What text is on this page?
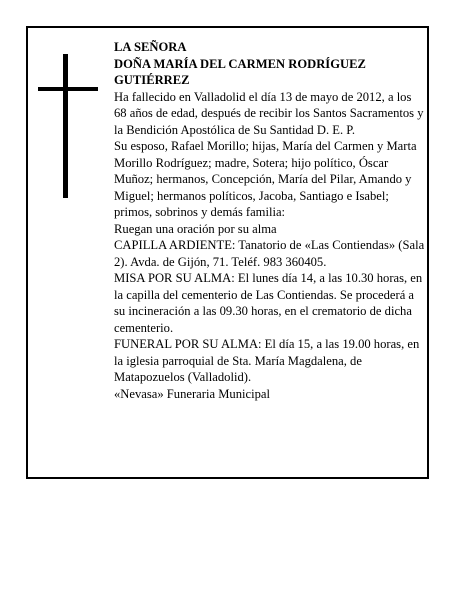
LA SEÑORA

DOÑA MARÍA DEL CARMEN RODRÍGUEZ GUTIÉRREZ

Ha fallecido en Valladolid el día 13 de mayo de 2012, a los 68 años de edad, después de recibir los Santos Sacramentos y la Bendición Apostólica de Su Santidad D. E. P.

Su esposo, Rafael Morillo; hijas, María del Carmen y Marta Morillo Rodríguez; madre, Sotera; hijo político, Óscar Muñoz; hermanos, Concepción, María del Pilar, Amando y Miguel; hermanos políticos, Jacoba, Santiago e Isabel; primos, sobrinos y demás familia:

Ruegan una oración por su alma

CAPILLA ARDIENTE: Tanatorio de «Las Contiendas» (Sala 2). Avda. de Gijón, 71. Teléf. 983 360405.

MISA POR SU ALMA: El lunes día 14, a las 10.30 horas, en la capilla del cementerio de Las Contiendas. Se procederá a su incineración a las 09.30 horas, en el crematorio de dicha cementerio.

FUNERAL POR SU ALMA: El día 15, a las 19.00 horas, en la iglesia parroquial de Sta. María Magdalena, de Matapozuelos (Valladolid).

«Nevasa» Funeraria Municipal
